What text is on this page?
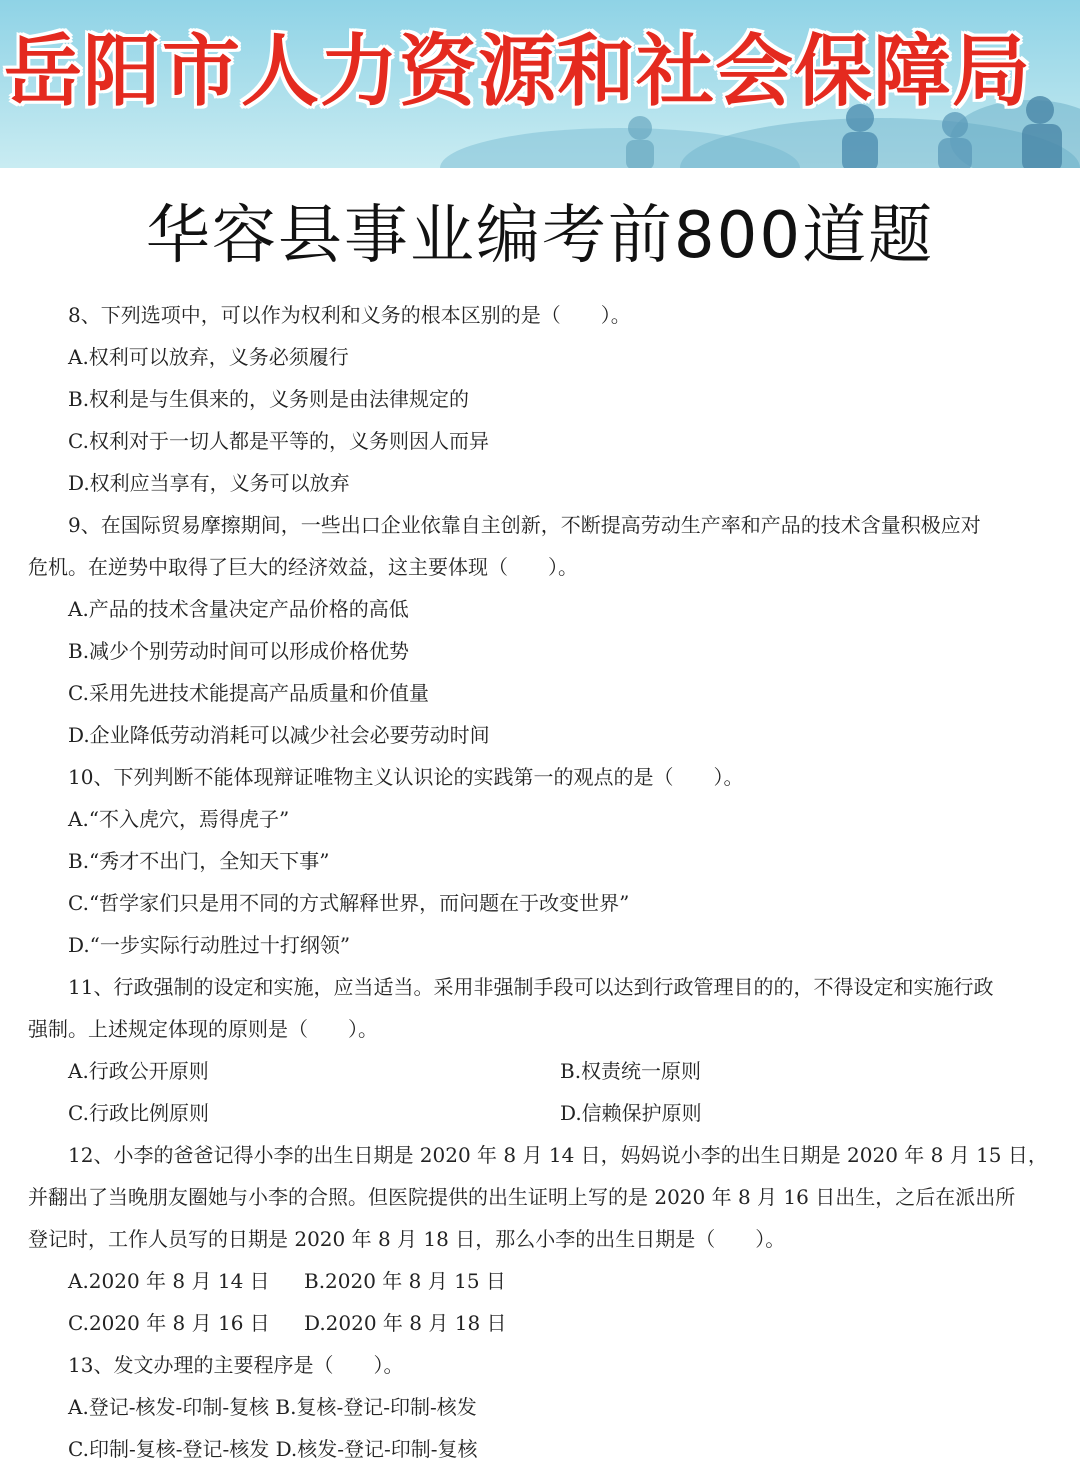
岳阳市人力资源和社会保障局
华容县事业编考前800道题
8、下列选项中，可以作为权利和义务的根本区别的是（　　）。
A.权利可以放弃，义务必须履行
B.权利是与生俱来的，义务则是由法律规定的
C.权利对于一切人都是平等的，义务则因人而异
D.权利应当享有，义务可以放弃
9、在国际贸易摩擦期间，一些出口企业依靠自主创新，不断提高劳动生产率和产品的技术含量积极应对
危机。在逆势中取得了巨大的经济效益，这主要体现（　　）。
A.产品的技术含量决定产品价格的高低
B.减少个别劳动时间可以形成价格优势
C.采用先进技术能提高产品质量和价值量
D.企业降低劳动消耗可以减少社会必要劳动时间
10、下列判断不能体现辩证唯物主义认识论的实践第一的观点的是（　　）。
A.“不入虎穴，焉得虎子”
B.“秀才不出门，全知天下事”
C.“哲学家们只是用不同的方式解释世界，而问题在于改变世界”
D.“一步实际行动胜过十打纲领”
11、行政强制的设定和实施，应当适当。采用非强制手段可以达到行政管理目的的，不得设定和实施行政
强制。上述规定体现的原则是（　　）。
A.行政公开原则	B.权责统一原则
C.行政比例原则	D.信赖保护原则
12、小李的爸爸记得小李的出生日期是 2020 年 8 月 14 日，妈妈说小李的出生日期是 2020 年 8 月 15 日，
并翻出了当晚朋友圈她与小李的合照。但医院提供的出生证明上写的是 2020 年 8 月 16 日出生，之后在派出所
登记时，工作人员写的日期是 2020 年 8 月 18 日，那么小李的出生日期是（　　）。
A.2020 年 8 月 14 日 B.2020 年 8 月 15 日
C.2020 年 8 月 16 日 D.2020 年 8 月 18 日
13、发文办理的主要程序是（　　）。
A.登记-核发-印制-复核 B.复核-登记-印制-核发
C.印制-复核-登记-核发 D.核发-登记-印制-复核
